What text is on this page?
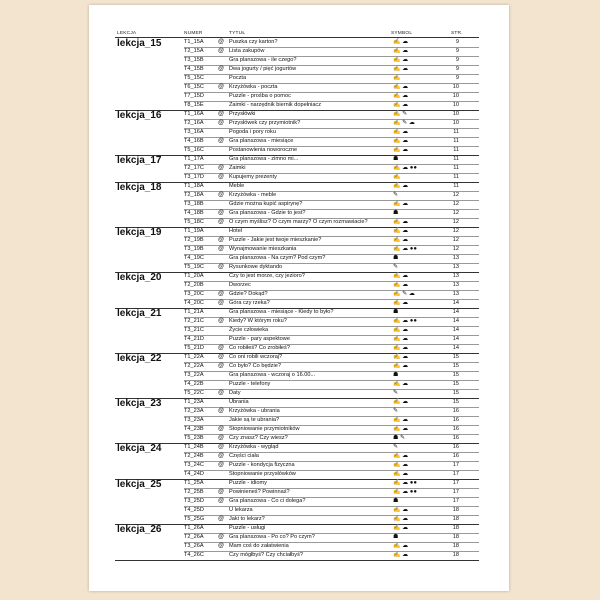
LEKCJA	NUMER	TYTUŁ	SYMBOL	STR.
lekcja_15	T1_15A	@ Puszka czy karton?	✍ ☁	9
T2_15A	@ Lista zakupów	✍ ☁	9
T3_15B	Gra planszowa - ile czego?	✍ ☁	9
T4_15B	@ Dwa jogurty / pięć jogurtów	✍ ☁	9
T5_15C	Poczta	✍	9
T6_15C	@ Krzyżówka - poczta	✍ ☁	10
T7_15D	Puzzle - prośba o pomoc	✍ ☁	10
T8_15E	Zaimki - narzędnik biernik dopełniacz	✍ ☁	10
lekcja_16	T1_16A	@ Przysłówki	✍ ✎	10
T2_16A	@ Przysłówek czy przymiotnik?	✍ ✎ ☁	10
T3_16A	Pogoda i pory roku	✍ ☁	11
T4_16B	@ Gra planszowa - miesiące	✍ ☁	11
T5_16C	Postanowienia noworoczne	✍ ☁	11
lekcja_17	T1_17A	Gra planszowa - zimno mi...	☗	11
T2_17C	@ Zaimki	✍ ☁ ●●	11
T3_17D	@ Kupujemy prezenty	✍	11
lekcja_18	T1_18A	Meble	✍ ☁	11
T2_18A	@ Krzyżówka - meble	✎	12
T3_18B	Gdzie można kupić aspirynę?	✍ ☁	12
T4_18B	@ Gra planszowa - Gdzie to jest?	☗	12
T5_18C	@ O czym myślisz? O czym marzy? O czym rozmawiacie?	✍ ☁	12
lekcja_19	T1_19A	Hotel	✍ ☁	12
T2_19B	@ Puzzle - Jakie jest twoje mieszkanie?	✍ ☁	12
T3_19B	@ Wynajmowanie mieszkania	✍ ☁ ●●	12
T4_19C	Gra planszowa - Na czym? Pod czym?	☗	13
T5_19C	@ Rysunkowe dyktando	✎	13
lekcja_20	T1_20A	Czy to jest morze, czy jezioro?	✍ ☁	13
T2_20B	Dworzec	✍ ☁	13
T3_20C	@ Gdzie? Dokąd?	✍ ✎ ☁	13
T4_20C	@ Góra czy rzeka?	✍ ☁	14
lekcja_21	T1_21A	Gra planszowa - miesiące - Kiedy to było?	☗	14
T2_21C	@ Kiedy? W którym roku?	✍ ☁ ●●	14
T3_21C	Życie człowieka	✍ ☁	14
T4_21D	Puzzle - pary aspektowe	✍ ☁	14
T5_21D	@ Co robiłeś? Co zrobiłeś?	✍ ☁	14
lekcja_22	T1_22A	@ Co oni robili wczoraj?	✍ ☁	15
T2_22A	@ Co było? Co będzie?	✍ ☁	15
T3_22A	Gra planszowa - wczoraj o 16.00...	☗	15
T4_22B	Puzzle - telefony	✍ ☁	15
T5_22C	@ Daty	✎	15
lekcja_23	T1_23A	Ubrania	✍ ☁	15
T2_23A	@ Krzyżówka - ubrania	✎	16
T3_23A	Jakie są te ubrania?	✍ ☁	16
T4_23B	@ Stopniowanie przymiotników	✍ ☁	16
T5_23B	@ Czy znasz? Czy wiesz?	☗ ✎	16
lekcja_24	T1_24B	@ Krzyżówka - wygląd	✎	16
T2_24B	@ Części ciała	✍ ☁	16
T3_24C	@ Puzzle - kondycja fizyczna	✍ ☁	17
T4_24D	Stopniowanie przysłówków	✍ ☁	17
lekcja_25	T1_25A	Puzzle - idiomy	✍ ☁ ●●	17
T2_25B	@ Powinieneś? Powinnaś?	✍ ☁ ●●	17
T3_25D	@ Gra planszowa - Co ci dolega?	☗	17
T4_25D	U lekarza	✍ ☁	18
T5_25G	@ Jaki to lekarz?	✍ ☁	18
lekcja_26	T1_26A	Puzzle - usługi	✍ ☁	18
T2_26A	@ Gra planszowa - Po co? Po czym?	☗	18
T3_26A	@ Mam coś do załatwienia	✍ ☁	18
T4_26C	Czy mógłbyś? Czy chciałbyś?	✍ ☁	18
